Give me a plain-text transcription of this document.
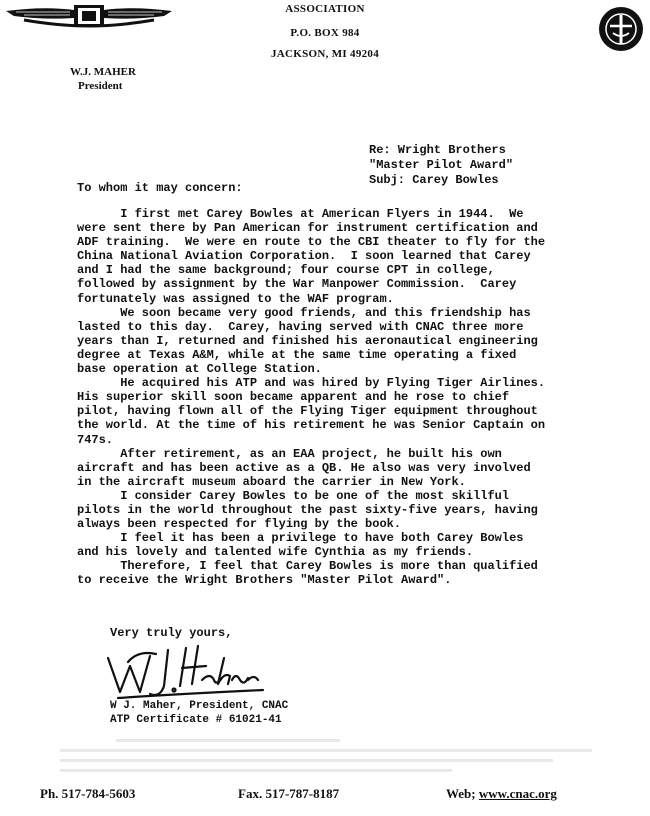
ASSOCIATION
P.O. BOX 984
JACKSON, MI 49204
W.J. MAHER
President
Re: Wright Brothers
"Master Pilot Award"
Subj: Carey Bowles
To whom it may concern:
I first met Carey Bowles at American Flyers in 1944.  We
were sent there by Pan American for instrument certification and
ADF training.  We were en route to the CBI theater to fly for the
China National Aviation Corporation.  I soon learned that Carey
and I had the same background; four course CPT in college,
followed by assignment by the War Manpower Commission.  Carey
fortunately was assigned to the WAF program.
We soon became very good friends, and this friendship has
lasted to this day.  Carey, having served with CNAC three more
years than I, returned and finished his aeronautical engineering
degree at Texas A&M, while at the same time operating a fixed
base operation at College Station.
He acquired his ATP and was hired by Flying Tiger Airlines.
His superior skill soon became apparent and he rose to chief
pilot, having flown all of the Flying Tiger equipment throughout
the world. At the time of his retirement he was Senior Captain on
747s.
After retirement, as an EAA project, he built his own
aircraft and has been active as a QB. He also was very involved
in the aircraft museum aboard the carrier in New York.
I consider Carey Bowles to be one of the most skillful
pilots in the world throughout the past sixty-five years, having
always been respected for flying by the book.
I feel it has been a privilege to have both Carey Bowles
and his lovely and talented wife Cynthia as my friends.
Therefore, I feel that Carey Bowles is more than qualified
to receive the Wright Brothers "Master Pilot Award".
Very truly yours,
W J. Maher, President, CNAC
ATP Certificate # 61021-41
Ph. 517-784-5603	Fax. 517-787-8187	Web; www.cnac.org
